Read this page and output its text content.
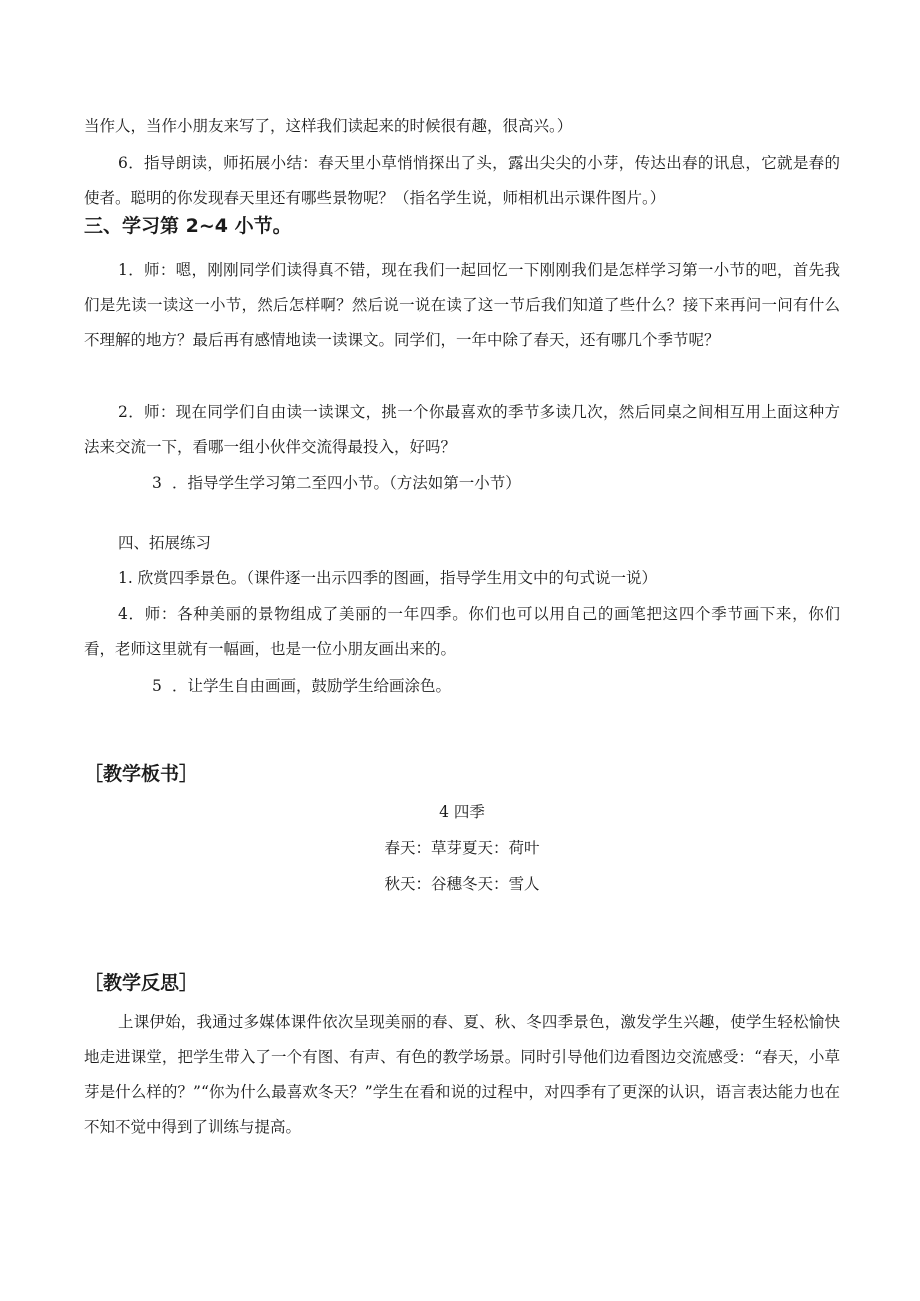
当作人，当作小朋友来写了，这样我们读起来的时候很有趣，很高兴。）

6．指导朗读，师拓展小结：春天里小草悄悄探出了头，露出尖尖的小芽，传达出春的讯息，它就是春的使者。聪明的你发现春天里还有哪些景物呢？（指名学生说，师相机出示课件图片。）

三、学习第 2~4 小节。

1．师：嗯，刚刚同学们读得真不错，现在我们一起回忆一下刚刚我们是怎样学习第一小节的吧，首先我们是先读一读这一小节，然后怎样啊？然后说一说在读了这一节后我们知道了些什么？接下来再问一问有什么不理解的地方？最后再有感情地读一读课文。同学们，一年中除了春天，还有哪几个季节呢？

2．师：现在同学们自由读一读课文，挑一个你最喜欢的季节多读几次，然后同桌之间相互用上面这种方法来交流一下，看哪一组小伙伴交流得最投入，好吗？

3 ．指导学生学习第二至四小节。（方法如第一小节）

四、拓展练习

1. 欣赏四季景色。（课件逐一出示四季的图画，指导学生用文中的句式说一说）

4．师：各种美丽的景物组成了美丽的一年四季。你们也可以用自己的画笔把这四个季节画下来，你们看，老师这里就有一幅画，也是一位小朋友画出来的。

5 ．让学生自由画画，鼓励学生给画涂色。

［教学板书］

4 四季

春天：草芽夏天：荷叶

秋天：谷穗冬天：雪人

［教学反思］

上课伊始，我通过多媒体课件依次呈现美丽的春、夏、秋、冬四季景色，激发学生兴趣，使学生轻松愉快地走进课堂，把学生带入了一个有图、有声、有色的教学场景。同时引导他们边看图边交流感受：“春天，小草芽是什么样的？”“你为什么最喜欢冬天？”学生在看和说的过程中，对四季有了更深的认识，语言表达能力也在不知不觉中得到了训练与提高。
